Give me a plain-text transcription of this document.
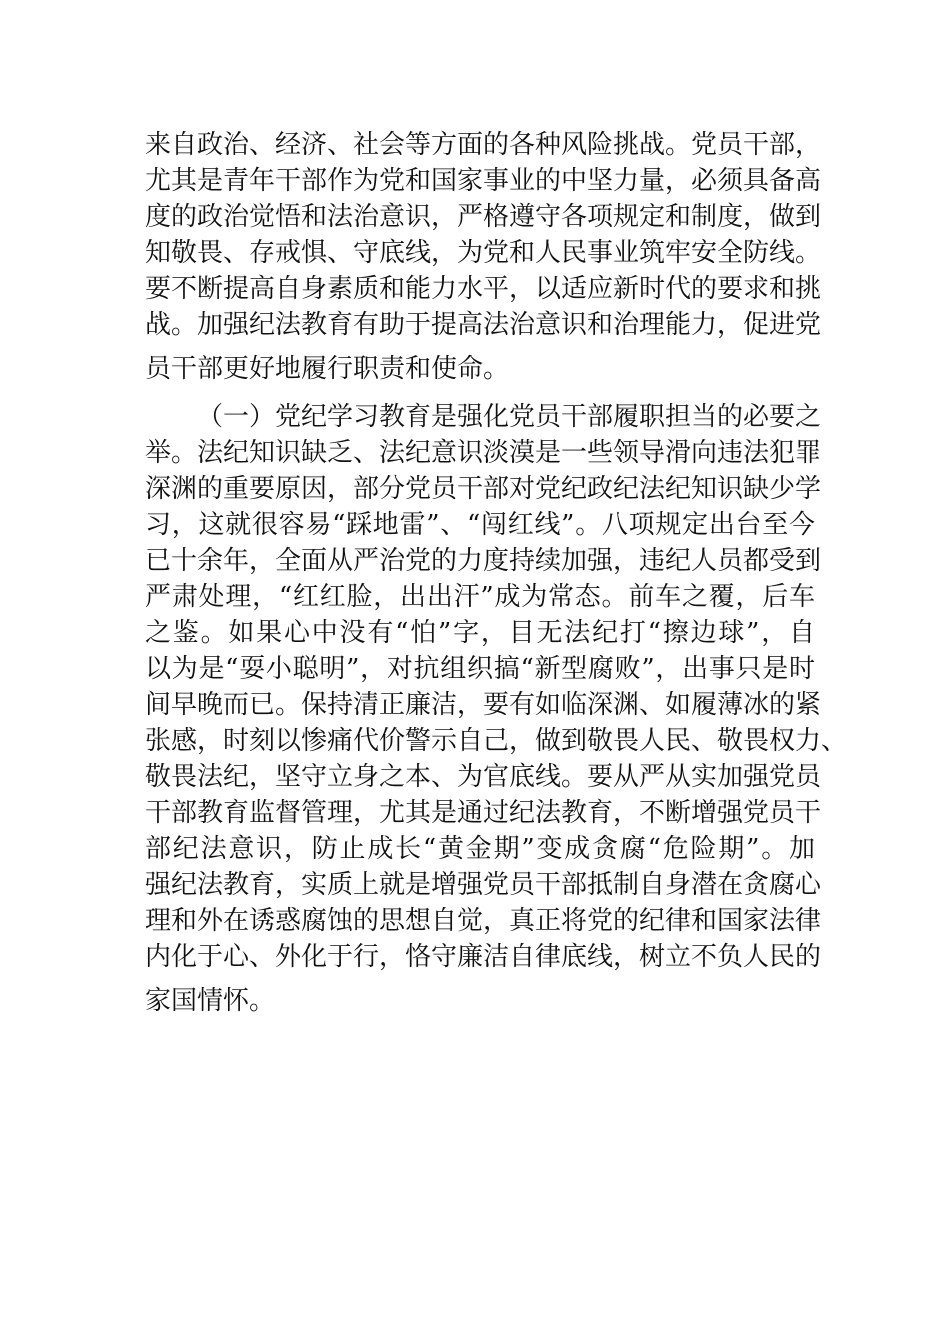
来自政治、经济、社会等方面的各种风险挑战。党员干部，
尤其是青年干部作为党和国家事业的中坚力量，必须具备高
度的政治觉悟和法治意识，严格遵守各项规定和制度，做到
知敬畏、存戒惧、守底线，为党和人民事业筑牢安全防线。
要不断提高自身素质和能力水平，以适应新时代的要求和挑
战。加强纪法教育有助于提高法治意识和治理能力，促进党
员干部更好地履行职责和使命。
（一）党纪学习教育是强化党员干部履职担当的必要之
举。法纪知识缺乏、法纪意识淡漠是一些领导滑向违法犯罪
深渊的重要原因，部分党员干部对党纪政纪法纪知识缺少学
习，这就很容易“踩地雷”、“闯红线”。八项规定出台至今
已十余年，全面从严治党的力度持续加强，违纪人员都受到
严肃处理，“红红脸，出出汗”成为常态。前车之覆，后车
之鉴。如果心中没有“怕”字，目无法纪打“擦边球”，自
以为是“耍小聪明”，对抗组织搞“新型腐败”，出事只是时
间早晚而已。保持清正廉洁，要有如临深渊、如履薄冰的紧
张感，时刻以惨痛代价警示自己，做到敬畏人民、敬畏权力、
敬畏法纪，坚守立身之本、为官底线。要从严从实加强党员
干部教育监督管理，尤其是通过纪法教育，不断增强党员干
部纪法意识，防止成长“黄金期”变成贪腐“危险期”。加
强纪法教育，实质上就是增强党员干部抵制自身潜在贪腐心
理和外在诱惑腐蚀的思想自觉，真正将党的纪律和国家法律
内化于心、外化于行，恪守廉洁自律底线，树立不负人民的
家国情怀。
